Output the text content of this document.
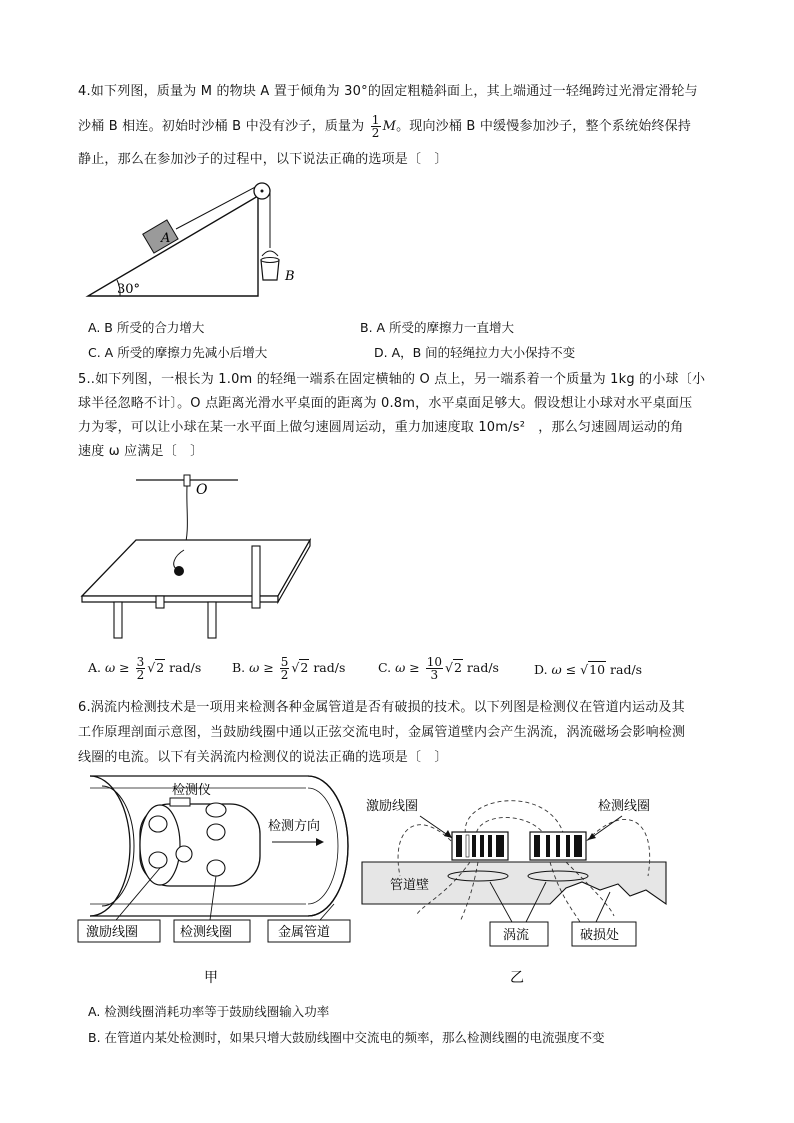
4.如下列图，质量为 M 的物块 A 置于倾角为 30°的固定粗糙斜面上，其上端通过一轻绳跨过光滑定滑轮与
沙桶 B 相连。初始时沙桶 B 中没有沙子，质量为 $\frac{1}{2}$ M。现向沙桶 B 中缓慢参加沙子，整个系统始终保持
静止，那么在参加沙子的过程中，以下说法正确的选项是〔　〕
30°
A
B
A. B 所受的合力增大	B. A 所受的摩擦力一直增大
C. A 所受的摩擦力先减小后增大	D. A，B 间的轻绳拉力大小保持不变
5..如下列图，一根长为 1.0m 的轻绳一端系在固定横轴的 O 点上，另一端系着一个质量为 1kg 的小球〔小
球半径忽略不计〕。O 点距离光滑水平桌面的距离为 0.8m，水平桌面足够大。假设想让小球对水平桌面压
力为零，可以让小球在某一水平面上做匀速圆周运动，重力加速度取 10m/s²　，那么匀速圆周运动的角
速度 ω 应满足〔　〕
O
A. $\omega \ge \frac{3}{2} √2$ rad/s B. $\omega \ge \frac{5}{2} √2$ rad/s	C. $\omega \ge \frac{10}{3} √2$ rad/s	D. ω ≤ √10 rad/s
6.涡流内检测技术是一项用来检测各种金属管道是否有破损的技术。以下列图是检测仪在管道内运动及其
工作原理剖面示意图，当鼓励线圈中通以正弦交流电时，金属管道壁内会产生涡流，涡流磁场会影响检测
线圈的电流。以下有关涡流内检测仪的说法正确的选项是〔　〕
检测仪
检测方向
激励线圈	检测线圈	金属管道
甲
管道壁
激励线圈	检测线圈
涡流	破损处
乙
A. 检测线圈消耗功率等于鼓励线圈输入功率
B. 在管道内某处检测时，如果只增大鼓励线圈中交流电的频率，那么检测线圈的电流强度不变
